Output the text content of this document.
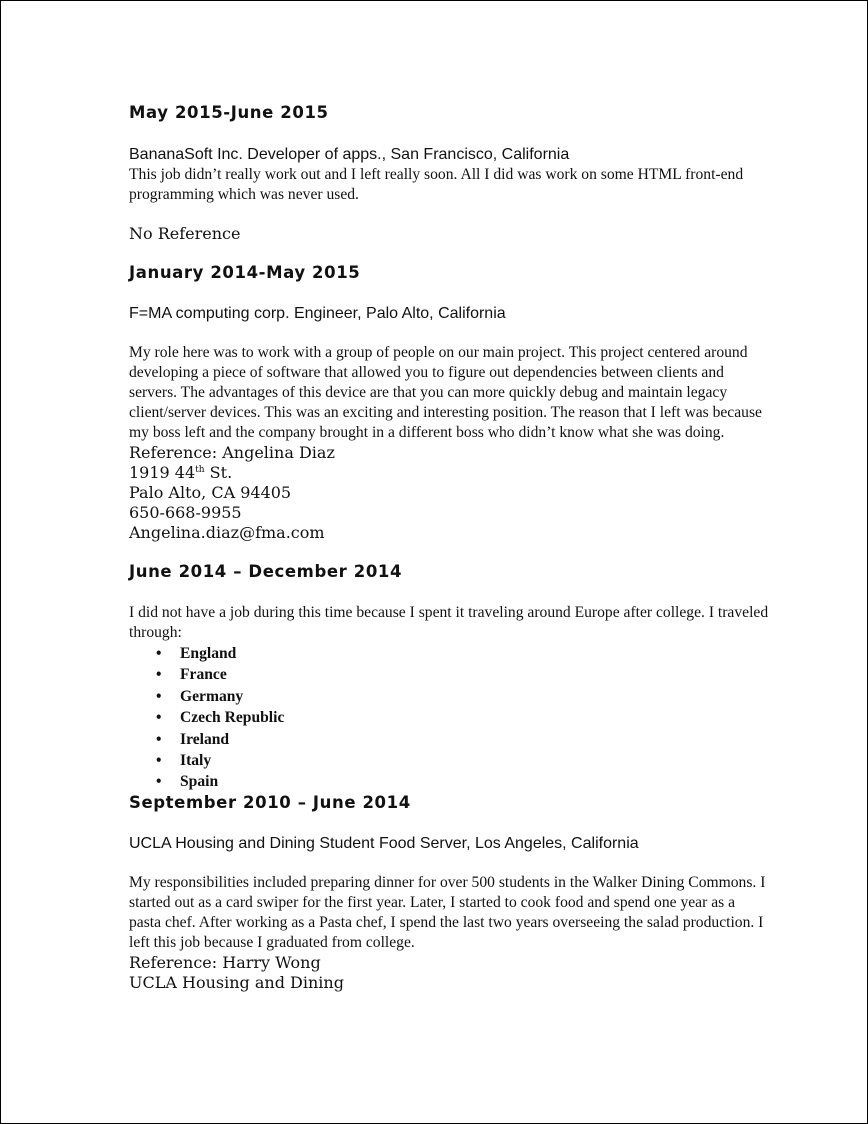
May 2015-June 2015
BananaSoft Inc. Developer of apps., San Francisco, California
This job didn’t really work out and I left really soon. All I did was work on some HTML front-end programming which was never used.
No Reference
January 2014-May 2015
F=MA computing corp. Engineer, Palo Alto, California
My role here was to work with a group of people on our main project. This project centered around developing a piece of software that allowed you to figure out dependencies between clients and servers. The advantages of this device are that you can more quickly debug and maintain legacy client/server devices. This was an exciting and interesting position. The reason that I left was because my boss left and the company brought in a different boss who didn’t know what she was doing.
Reference: Angelina Diaz
1919 44th St.
Palo Alto, CA 94405
650-668-9955
Angelina.diaz@fma.com
June 2014 – December 2014
I did not have a job during this time because I spent it traveling around Europe after college. I traveled through:
• England
• France
• Germany
• Czech Republic
• Ireland
• Italy
• Spain
September 2010 – June 2014
UCLA Housing and Dining Student Food Server, Los Angeles, California
My responsibilities included preparing dinner for over 500 students in the Walker Dining Commons. I started out as a card swiper for the first year. Later, I started to cook food and spend one year as a pasta chef. After working as a Pasta chef, I spend the last two years overseeing the salad production. I left this job because I graduated from college.
Reference: Harry Wong
UCLA Housing and Dining
